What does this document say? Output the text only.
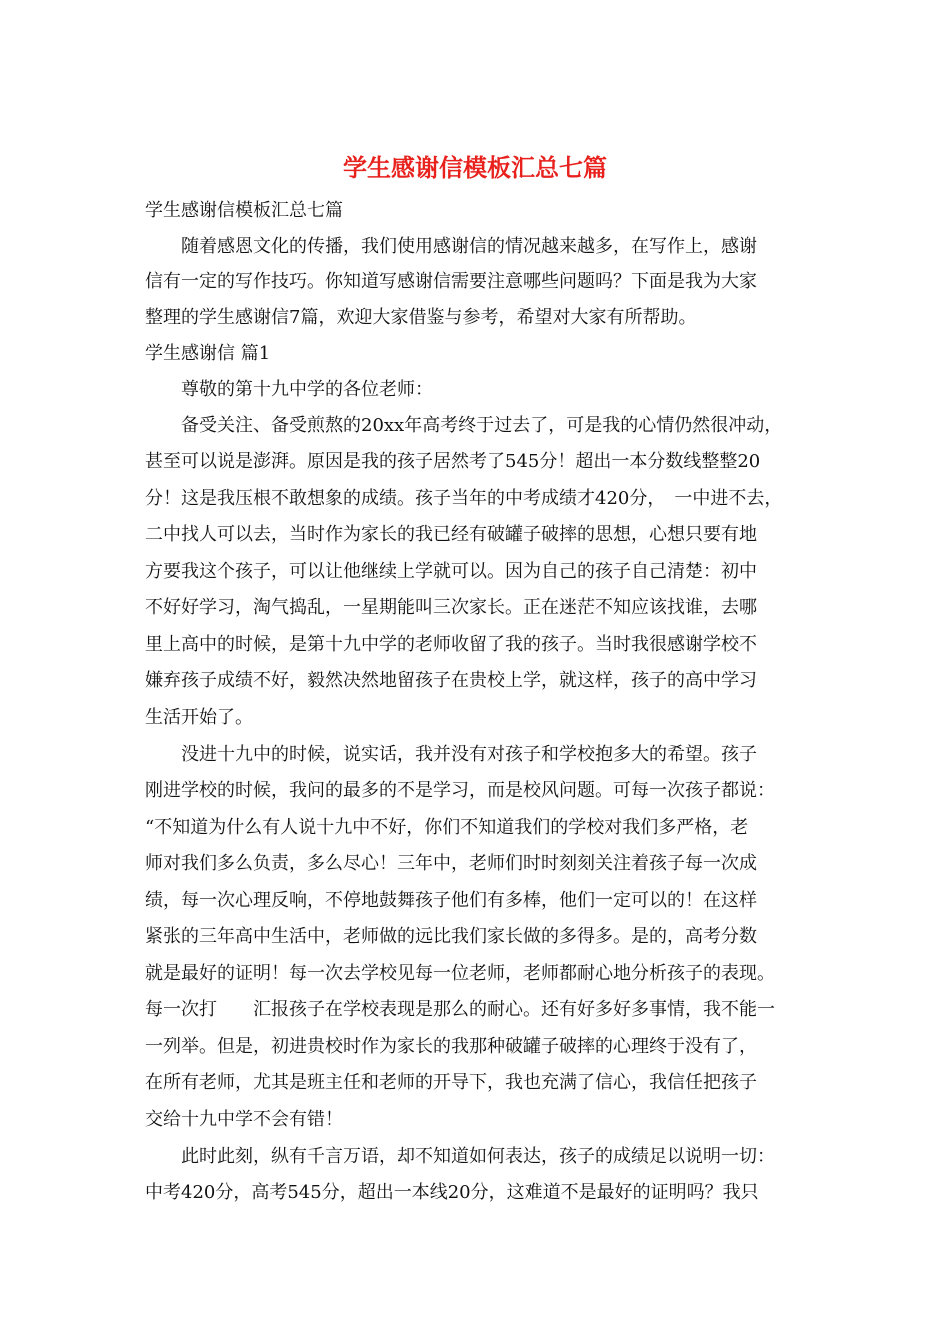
学生感谢信模板汇总七篇

学生感谢信模板汇总七篇

　　随着感恩文化的传播，我们使用感谢信的情况越来越多，在写作上，感谢

信有一定的写作技巧。你知道写感谢信需要注意哪些问题吗？下面是我为大家

整理的学生感谢信7篇，欢迎大家借鉴与参考，希望对大家有所帮助。

学生感谢信 篇1

　　尊敬的第十九中学的各位老师：

　　备受关注、备受煎熬的20xx年高考终于过去了，可是我的心情仍然很冲动，

甚至可以说是澎湃。原因是我的孩子居然考了545分！超出一本分数线整整20

分！这是我压根不敢想象的成绩。孩子当年的中考成绩才420分，　一中进不去，

二中找人可以去，当时作为家长的我已经有破罐子破摔的思想，心想只要有地

方要我这个孩子，可以让他继续上学就可以。因为自己的孩子自己清楚：初中

不好好学习，淘气捣乱，一星期能叫三次家长。正在迷茫不知应该找谁，去哪

里上高中的时候，是第十九中学的老师收留了我的孩子。当时我很感谢学校不

嫌弃孩子成绩不好，毅然决然地留孩子在贵校上学，就这样，孩子的高中学习

生活开始了。

　　没进十九中的时候，说实话，我并没有对孩子和学校抱多大的希望。孩子

刚进学校的时候，我问的最多的不是学习，而是校风问题。可每一次孩子都说：

“不知道为什么有人说十九中不好，你们不知道我们的学校对我们多严格，老

师对我们多么负责，多么尽心！三年中，老师们时时刻刻关注着孩子每一次成

绩，每一次心理反响，不停地鼓舞孩子他们有多棒，他们一定可以的！在这样

紧张的三年高中生活中，老师做的远比我们家长做的多得多。是的，高考分数

就是最好的证明！每一次去学校见每一位老师，老师都耐心地分析孩子的表现。

每一次打　　汇报孩子在学校表现是那么的耐心。还有好多好多事情，我不能一

一列举。但是，初进贵校时作为家长的我那种破罐子破摔的心理终于没有了，

在所有老师，尤其是班主任和老师的开导下，我也充满了信心，我信任把孩子

交给十九中学不会有错！

　　此时此刻，纵有千言万语，却不知道如何表达，孩子的成绩足以说明一切：

中考420分，高考545分，超出一本线20分，这难道不是最好的证明吗？我只
